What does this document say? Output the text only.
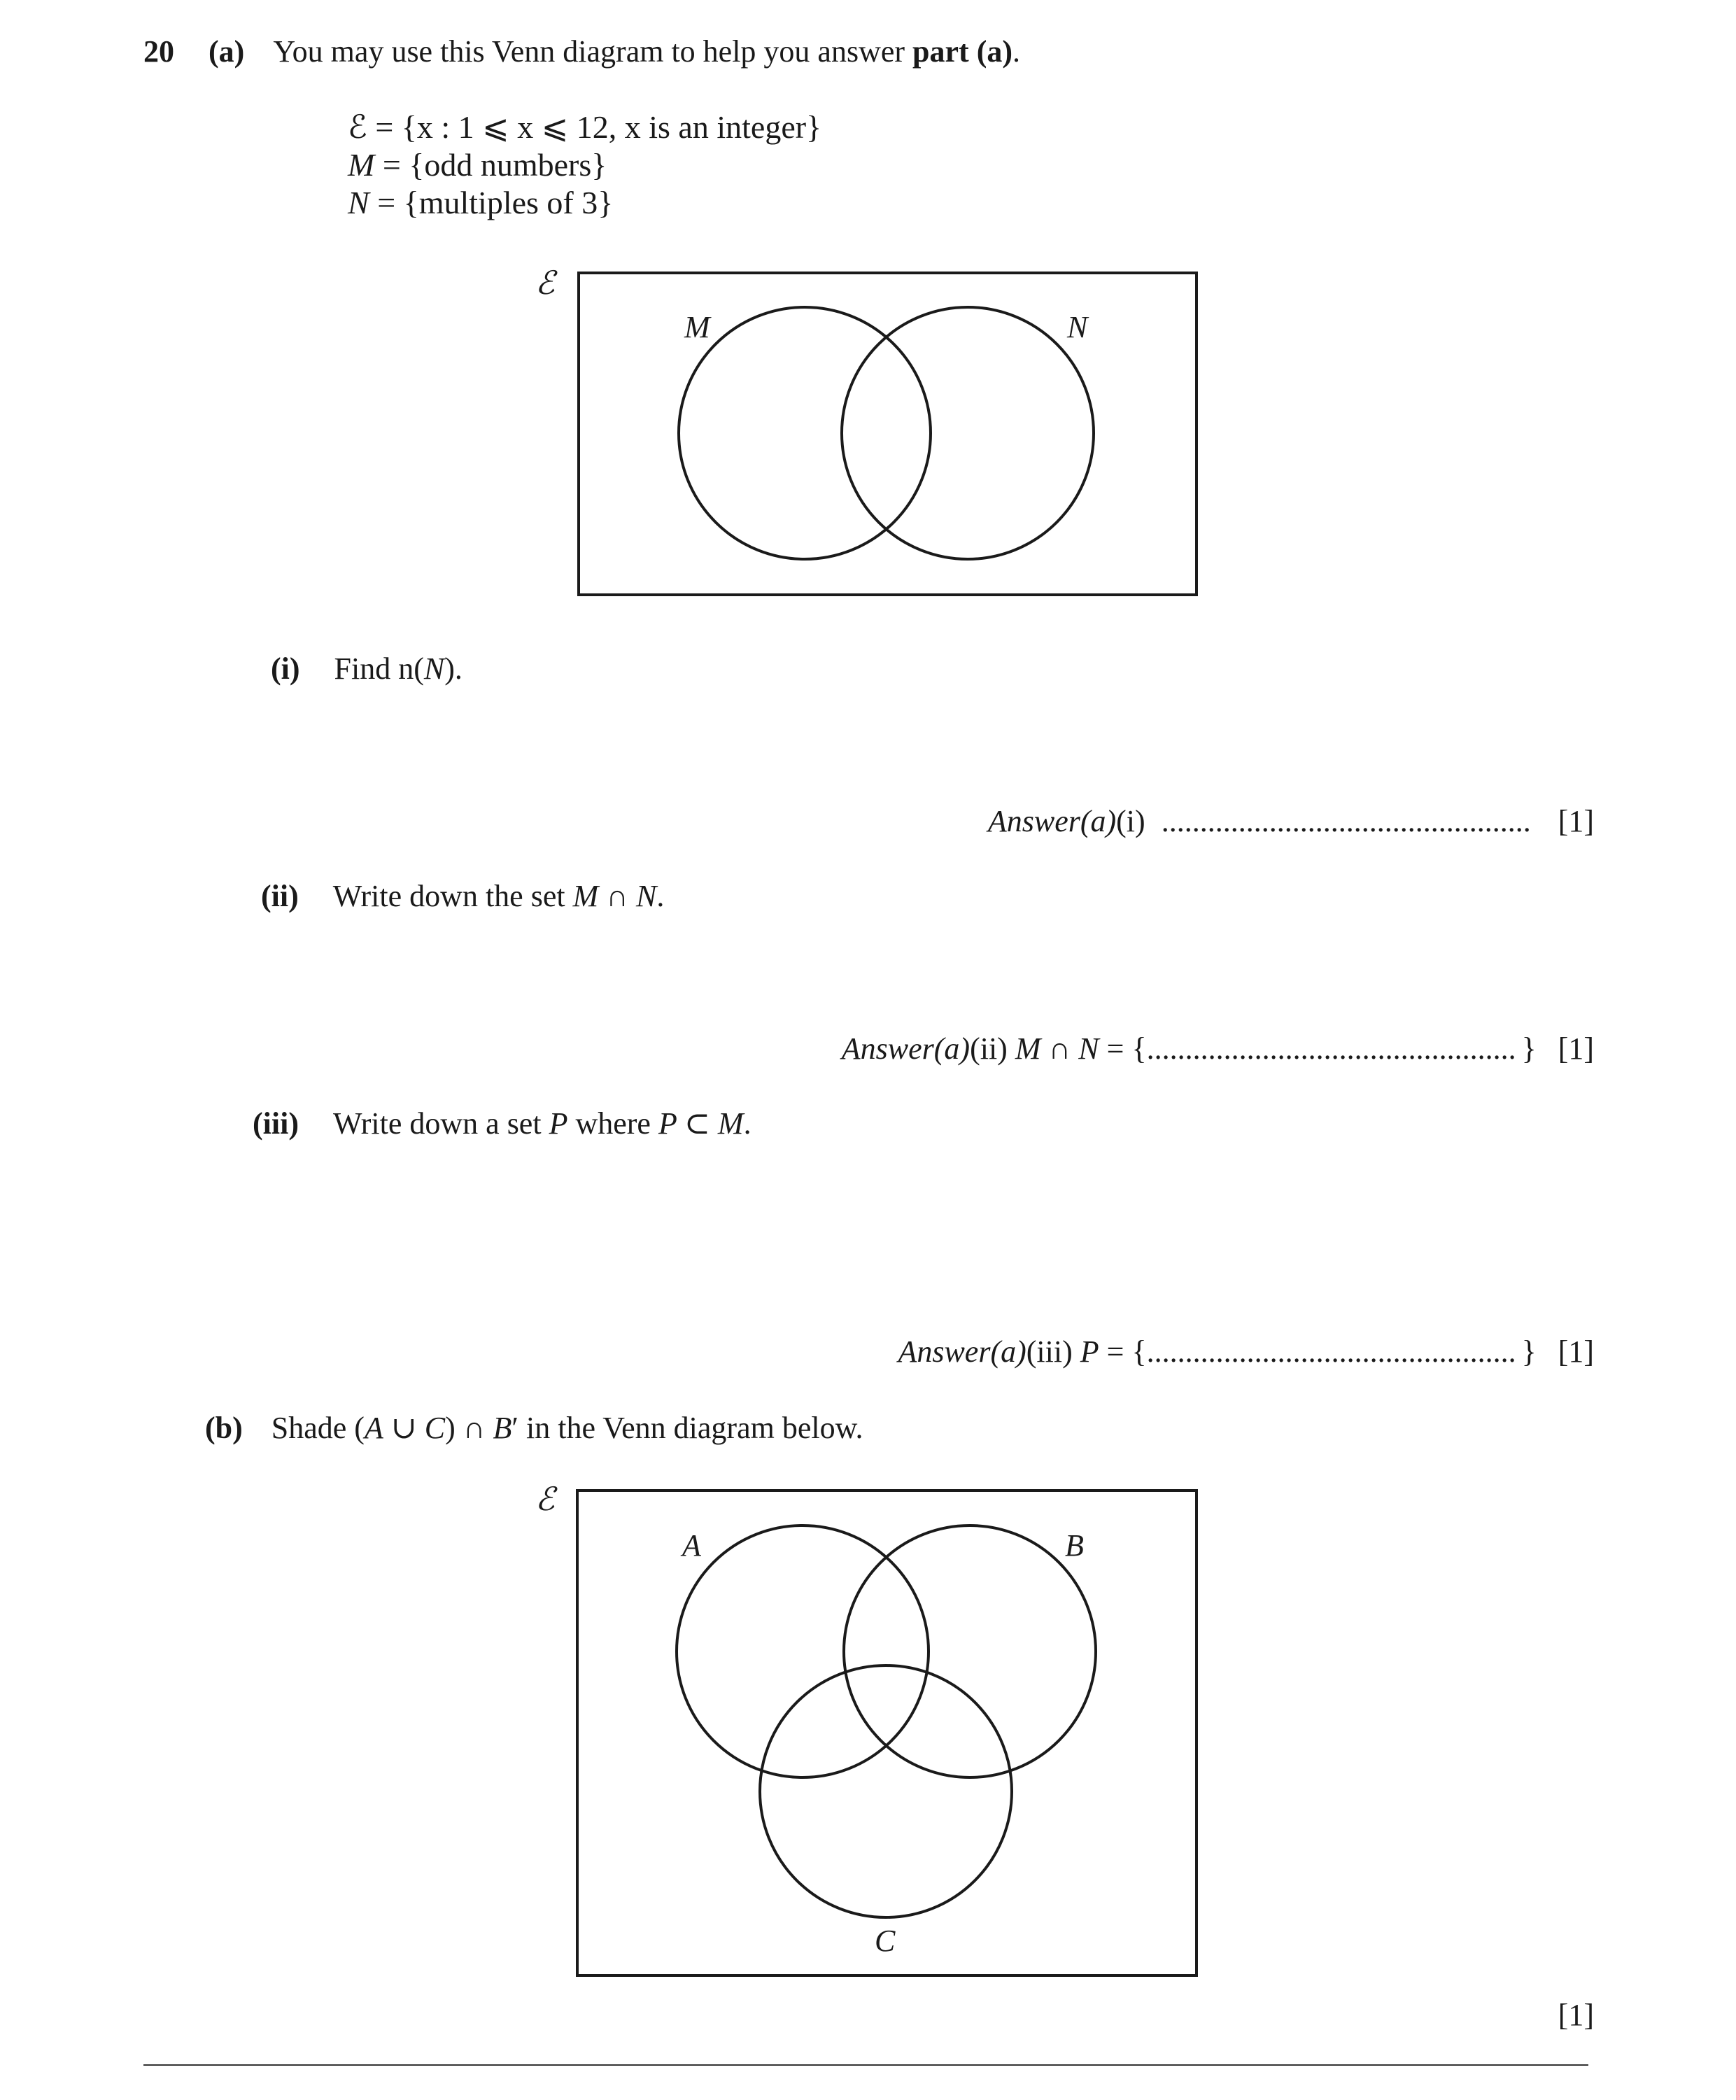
20 (a) You may use this Venn diagram to help you answer part (a).
ℰ = {x : 1 ⩽ x ⩽ 12, x is an integer}
M = {odd numbers}
N = {multiples of 3}
ℰ
M	N
(i) Find n(N).
Answer(a)(i) ................................................ [1]
(ii) Write down the set M ∩ N.
Answer(a)(ii) M ∩ N = {................................................ } [1]
(iii) Write down a set P where P ⊂ M.
Answer(a)(iii) P = {................................................ } [1]
(b) Shade (A ∪ C) ∩ B′ in the Venn diagram below.
ℰ
A	B
C
[1]
